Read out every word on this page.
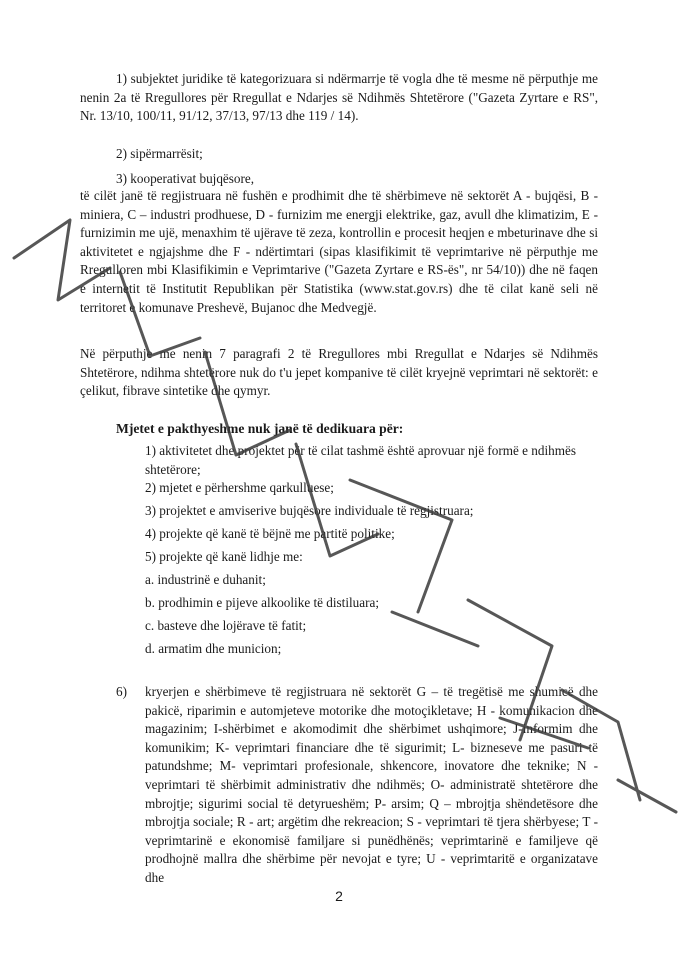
1) subjektet juridike të kategorizuara si ndërmarrje të vogla dhe të mesme në përputhje me nenin 2a të Rregullores për Rregullat e Ndarjes së Ndihmës Shtetërore ("Gazeta Zyrtare e RS", Nr. 13/10, 100/11, 91/12, 37/13, 97/13 dhe 119 / 14).

2) sipërmarrësit;

3) kooperativat bujqësore,

të cilët janë të regjistruara në fushën e prodhimit dhe të shërbimeve në sektorët A - bujqësi, B - miniera, C – industri prodhuese, D - furnizim me energji elektrike, gaz, avull dhe klimatizim, E - furnizimin me ujë, menaxhim të ujërave të zeza, kontrollin e procesit heqjen e mbeturinave dhe si aktivitetet e ngjajshme dhe F - ndërtimtari (sipas klasifikimit të veprimtarive në përputhje me Rregulloren mbi Klasifikimin e Veprimtarive ("Gazeta Zyrtare e RS-ës", nr 54/10)) dhe në faqen e internetit të Institutit Republikan për Statistika (www.stat.gov.rs) dhe të cilat kanë seli në territoret e komunave Preshevë, Bujanoc dhe Medvegjë.

Në përputhje me nenin 7 paragrafi 2 të Rregullores mbi Rregullat e Ndarjes së Ndihmës Shtetërore, ndihma shtetërore nuk do t'u jepet kompanive të cilët kryejnë veprimtari në sektorët: e çelikut, fibrave sintetike dhe qymyr.

Mjetet e pakthyeshme nuk janë të dedikuara për:

1) aktivitetet dhe projektet për të cilat tashmë është aprovuar një formë e ndihmës shtetërore;

2) mjetet e përhershme qarkulluese;

3) projektet e amviserive bujqësore individuale të regjistruara;

4) projekte që kanë të bëjnë me partitë politike;

5) projekte që kanë lidhje me:

a. industrinë e duhanit;

b. prodhimin e pijeve alkoolike të distiluara;

c. basteve dhe lojërave të fatit;

d. armatim dhe municion;

6)	kryerjen e shërbimeve të regjistruara në sektorët G – të tregëtisë me shumicë dhe pakicë, riparimin e automjeteve motorike dhe motoçikletave; H - komunikacion dhe magazinim; I-shërbimet e akomodimit dhe shërbimet ushqimore; J-informim dhe komunikim; K- veprimtari financiare dhe të sigurimit; L- bizneseve me pasuri të patundshme; M- veprimtari profesionale, shkencore, inovatore dhe teknike; N - veprimtari të shërbimit administrativ dhe ndihmës; O- administratë shtetërore dhe mbrojtje; sigurimi social të detyrueshëm; P- arsim; Q – mbrojtja shëndetësore dhe mbrojtja sociale; R - art; argëtim dhe rekreacion; S - veprimtari të tjera shërbyese; T - veprimtarinë e ekonomisë familjare si punëdhënës; veprimtarinë e familjeve që prodhojnë mallra dhe shërbime për nevojat e tyre; U - veprimtaritë e organizatave dhe

2
